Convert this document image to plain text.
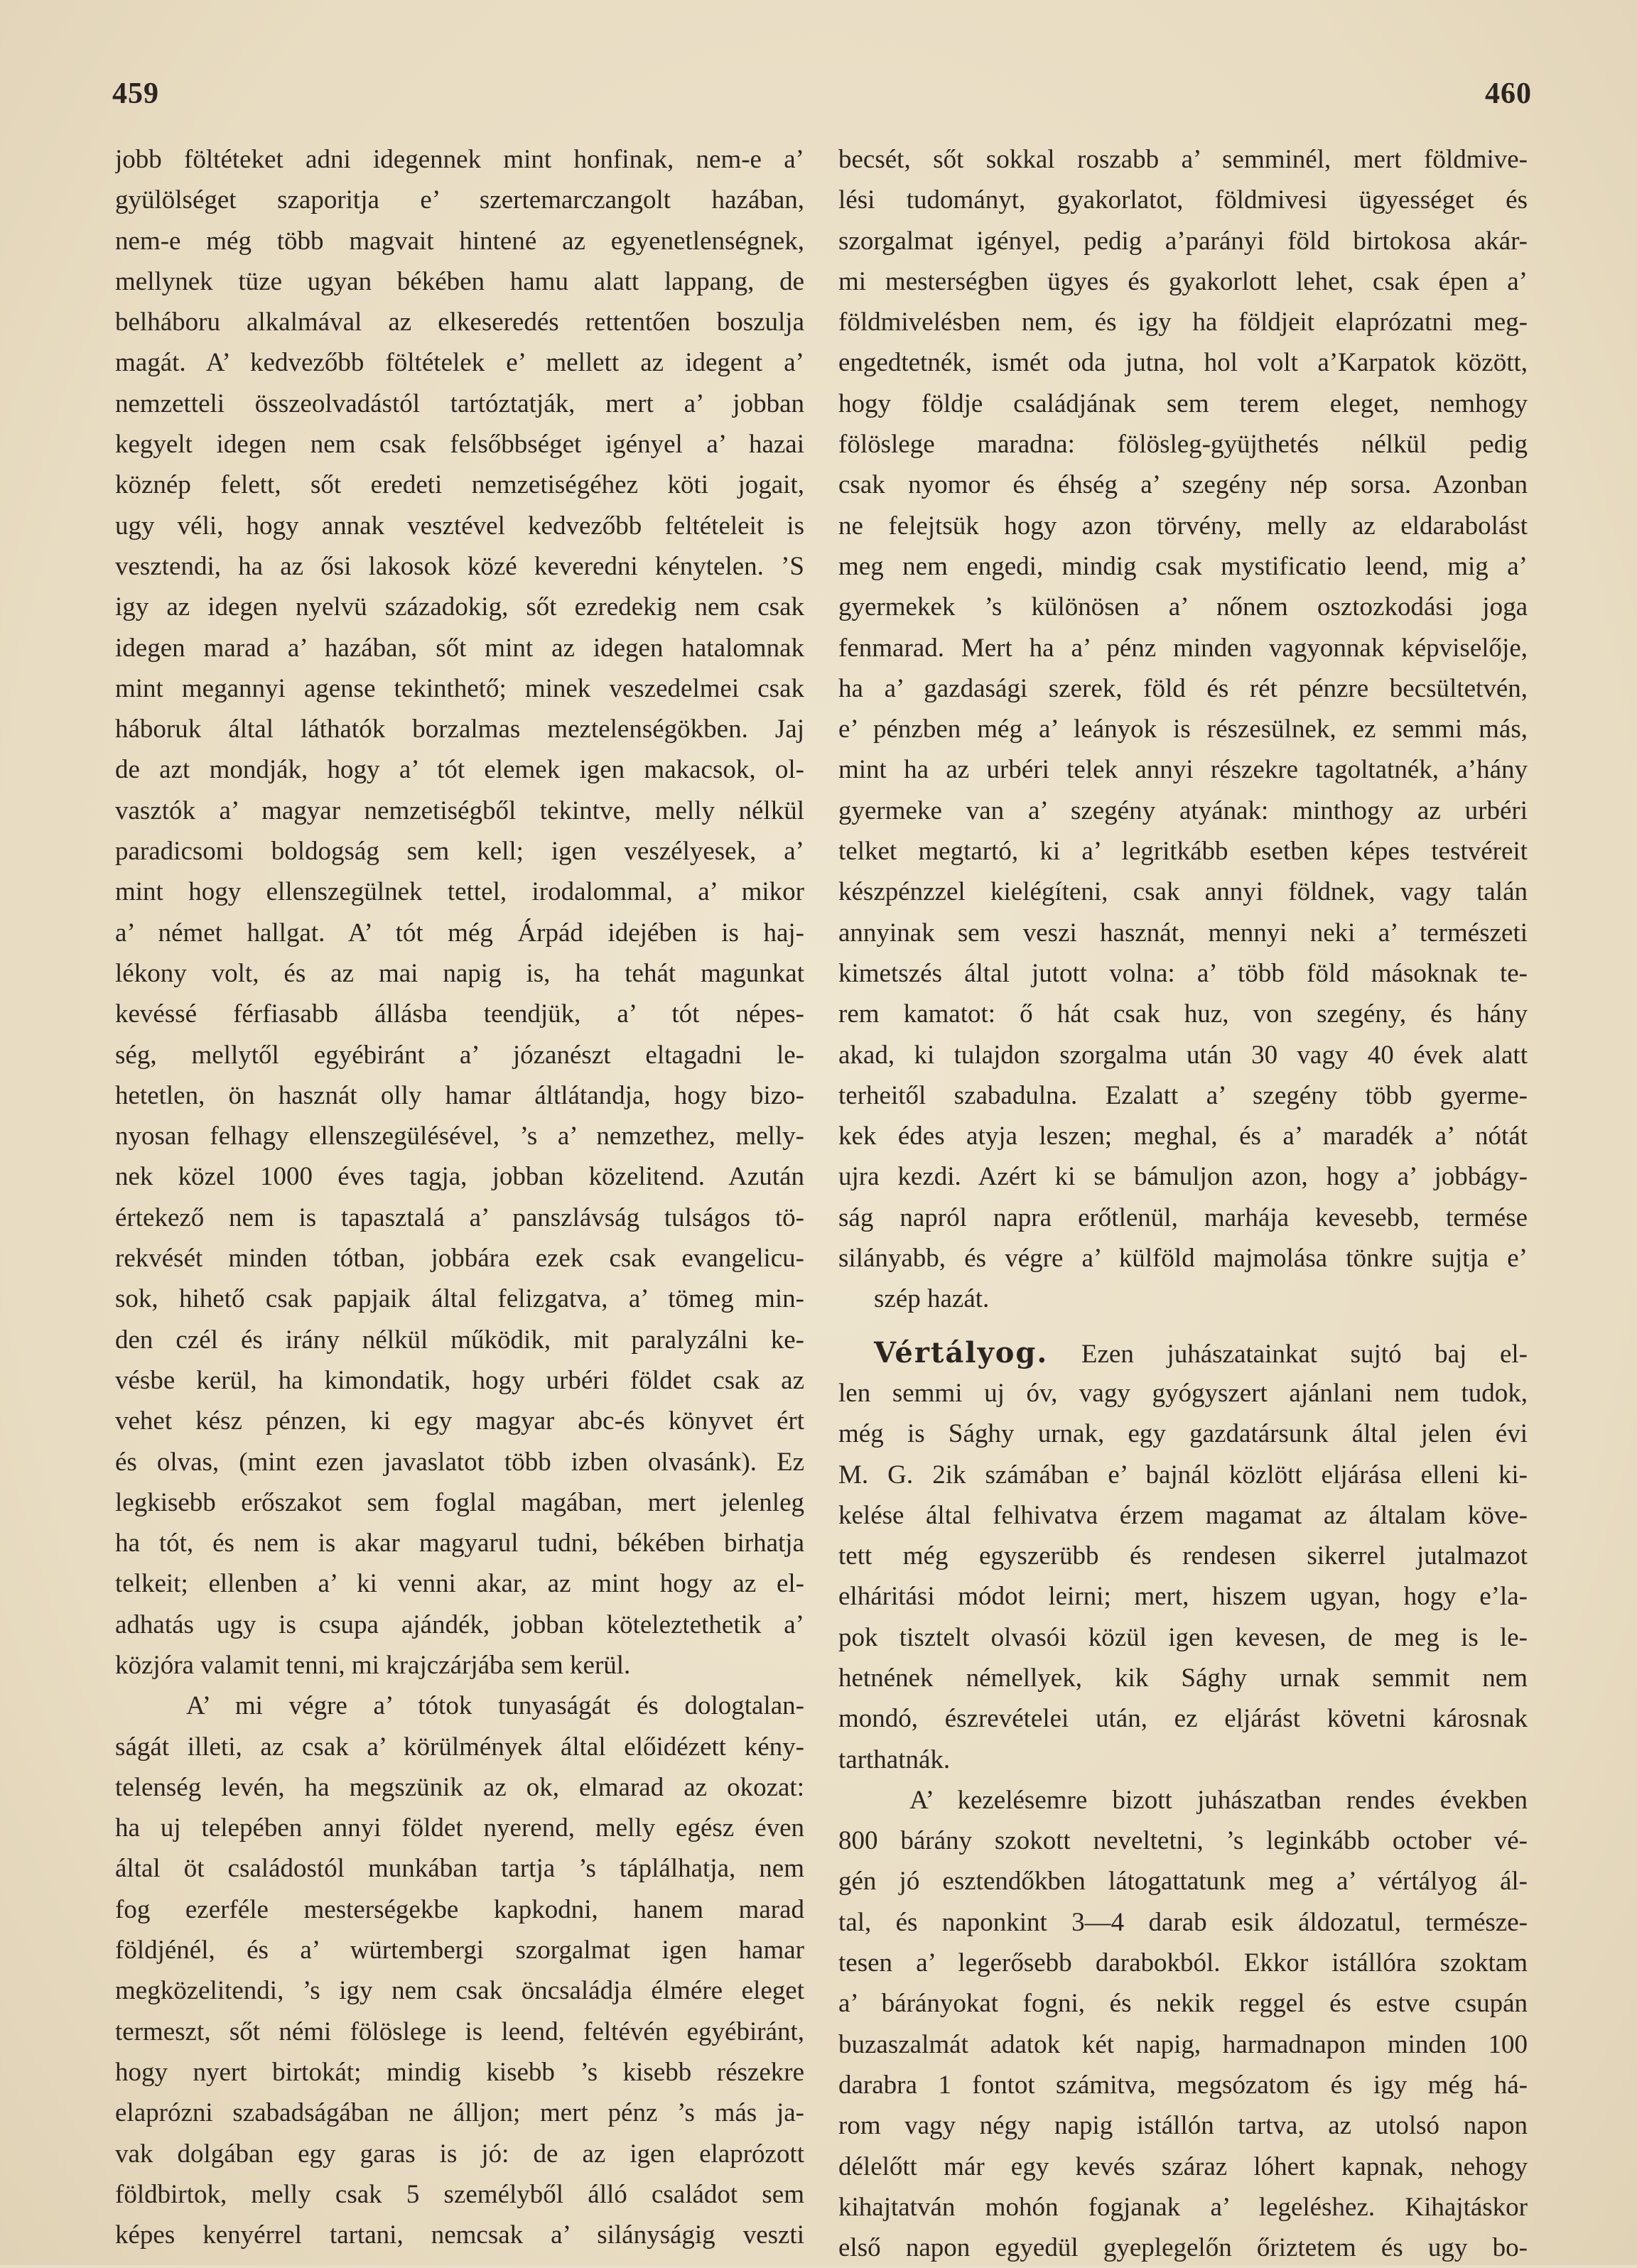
459	460
jobb föltéteket adni idegennek mint honfinak, nem-e a’
gyülölséget szaporitja e’ szertemarczangolt hazában,
nem-e még több magvait hintené az egyenetlenségnek,
mellynek tüze ugyan békében hamu alatt lappang, de
belháboru alkalmával az elkeseredés rettentően boszulja
magát. A’ kedvezőbb föltételek e’ mellett az idegent a’
nemzetteli összeolvadástól tartóztatják, mert a’ jobban
kegyelt idegen nem csak felsőbbséget igényel a’ hazai
köznép felett, sőt eredeti nemzetiségéhez köti jogait,
ugy véli, hogy annak vesztével kedvezőbb feltételeit is
vesztendi, ha az ősi lakosok közé keveredni kénytelen. ’S
igy az idegen nyelvü századokig, sőt ezredekig nem csak
idegen marad a’ hazában, sőt mint az idegen hatalomnak
mint megannyi agense tekinthető; minek veszedelmei csak
háboruk által láthatók borzalmas meztelenségökben. Jaj
de azt mondják, hogy a’ tót elemek igen makacsok, ol-
vasztók a’ magyar nemzetiségből tekintve, melly nélkül
paradicsomi boldogság sem kell; igen veszélyesek, a’
mint hogy ellenszegülnek tettel, irodalommal, a’ mikor
a’ német hallgat. A’ tót még Árpád idejében is haj-
lékony volt, és az mai napig is, ha tehát magunkat
kevéssé férfiasabb állásba teendjük, a’ tót népes-
ség, mellytől egyébiránt a’ józanészt eltagadni le-
hetetlen, ön hasznát olly hamar áltlátandja, hogy bizo-
nyosan felhagy ellenszegülésével, ’s a’ nemzethez, melly-
nek közel 1000 éves tagja, jobban közelitend. Azután
értekező nem is tapasztalá a’ panszlávság tulságos tö-
rekvését minden tótban, jobbára ezek csak evangelicu-
sok, hihető csak papjaik által felizgatva, a’ tömeg min-
den czél és irány nélkül működik, mit paralyzálni ke-
vésbe kerül, ha kimondatik, hogy urbéri földet csak az
vehet kész pénzen, ki egy magyar abc-és könyvet ért
és olvas, (mint ezen javaslatot több izben olvasánk). Ez
legkisebb erőszakot sem foglal magában, mert jelenleg
ha tót, és nem is akar magyarul tudni, békében birhatja
telkeit; ellenben a’ ki venni akar, az mint hogy az el-
adhatás ugy is csupa ajándék, jobban köteleztethetik a’
közjóra valamit tenni, mi krajczárjába sem kerül.
A’ mi végre a’ tótok tunyaságát és dologtalan-
ságát illeti, az csak a’ körülmények által előidézett kény-
telenség levén, ha megszünik az ok, elmarad az okozat:
ha uj telepében annyi földet nyerend, melly egész éven
által öt családostól munkában tartja ’s táplálhatja, nem
fog ezerféle mesterségekbe kapkodni, hanem marad
földjénél, és a’ würtembergi szorgalmat igen hamar
megközelitendi, ’s igy nem csak öncsaládja élmére eleget
termeszt, sőt némi fölöslege is leend, feltévén egyébiránt,
hogy nyert birtokát; mindig kisebb ’s kisebb részekre
elaprózni szabadságában ne álljon; mert pénz ’s más ja-
vak dolgában egy garas is jó: de az igen elaprózott
földbirtok, melly csak 5 személyből álló családot sem
képes kenyérrel tartani, nemcsak a’ silányságig veszti
becsét, sőt sokkal roszabb a’ semminél, mert földmive-
lési tudományt, gyakorlatot, földmivesi ügyességet és
szorgalmat igényel, pedig a’parányi föld birtokosa akár-
mi mesterségben ügyes és gyakorlott lehet, csak épen a’
földmivelésben nem, és igy ha földjeit elaprózatni meg-
engedtetnék, ismét oda jutna, hol volt a’Karpatok között,
hogy földje családjának sem terem eleget, nemhogy
fölöslege maradna: fölösleg-gyüjthetés nélkül pedig
csak nyomor és éhség a’ szegény nép sorsa. Azonban
ne felejtsük hogy azon törvény, melly az eldarabolást
meg nem engedi, mindig csak mystificatio leend, mig a’
gyermekek ’s különösen a’ nőnem osztozkodási joga
fenmarad. Mert ha a’ pénz minden vagyonnak képviselője,
ha a’ gazdasági szerek, föld és rét pénzre becsültetvén,
e’ pénzben még a’ leányok is részesülnek, ez semmi más,
mint ha az urbéri telek annyi részekre tagoltatnék, a’hány
gyermeke van a’ szegény atyának: minthogy az urbéri
telket megtartó, ki a’ legritkább esetben képes testvéreit
készpénzzel kielégíteni, csak annyi földnek, vagy talán
annyinak sem veszi hasznát, mennyi neki a’ természeti
kimetszés által jutott volna: a’ több föld másoknak te-
rem kamatot: ő hát csak huz, von szegény, és hány
akad, ki tulajdon szorgalma után 30 vagy 40 évek alatt
terheitől szabadulna. Ezalatt a’ szegény több gyerme-
kek édes atyja leszen; meghal, és a’ maradék a’ nótát
ujra kezdi. Azért ki se bámuljon azon, hogy a’ jobbágy-
ság napról napra erőtlenül, marhája kevesebb, termése
silányabb, és végre a’ külföld majmolása tönkre sujtja e’
szép hazát.
Vértályog. Ezen juhászatainkat sujtó baj el-
len semmi uj óv, vagy gyógyszert ajánlani nem tudok,
még is Sághy urnak, egy gazdatársunk által jelen évi
M. G. 2ik számában e’ bajnál közlött eljárása elleni ki-
kelése által felhivatva érzem magamat az általam köve-
tett még egyszerübb és rendesen sikerrel jutalmazot
elháritási módot leirni; mert, hiszem ugyan, hogy e’la-
pok tisztelt olvasói közül igen kevesen, de meg is le-
hetnének némellyek, kik Sághy urnak semmit nem
mondó, észrevételei után, ez eljárást követni károsnak
tarthatnák.
A’ kezelésemre bizott juhászatban rendes években
800 bárány szokott neveltetni, ’s leginkább october vé-
gén jó esztendőkben látogattatunk meg a’ vértályog ál-
tal, és naponkint 3—4 darab esik áldozatul, természe-
tesen a’ legerősebb darabokból. Ekkor istállóra szoktam
a’ bárányokat fogni, és nekik reggel és estve csupán
buzaszalmát adatok két napig, harmadnapon minden 100
darabra 1 fontot számitva, megsózatom és igy még há-
rom vagy négy napig istállón tartva, az utolsó napon
délelőtt már egy kevés száraz lóhert kapnak, nehogy
kihajtatván mohón fogjanak a’ legeléshez. Kihajtáskor
első napon egyedül gyeplegelőn őriztetem és ugy bo-
